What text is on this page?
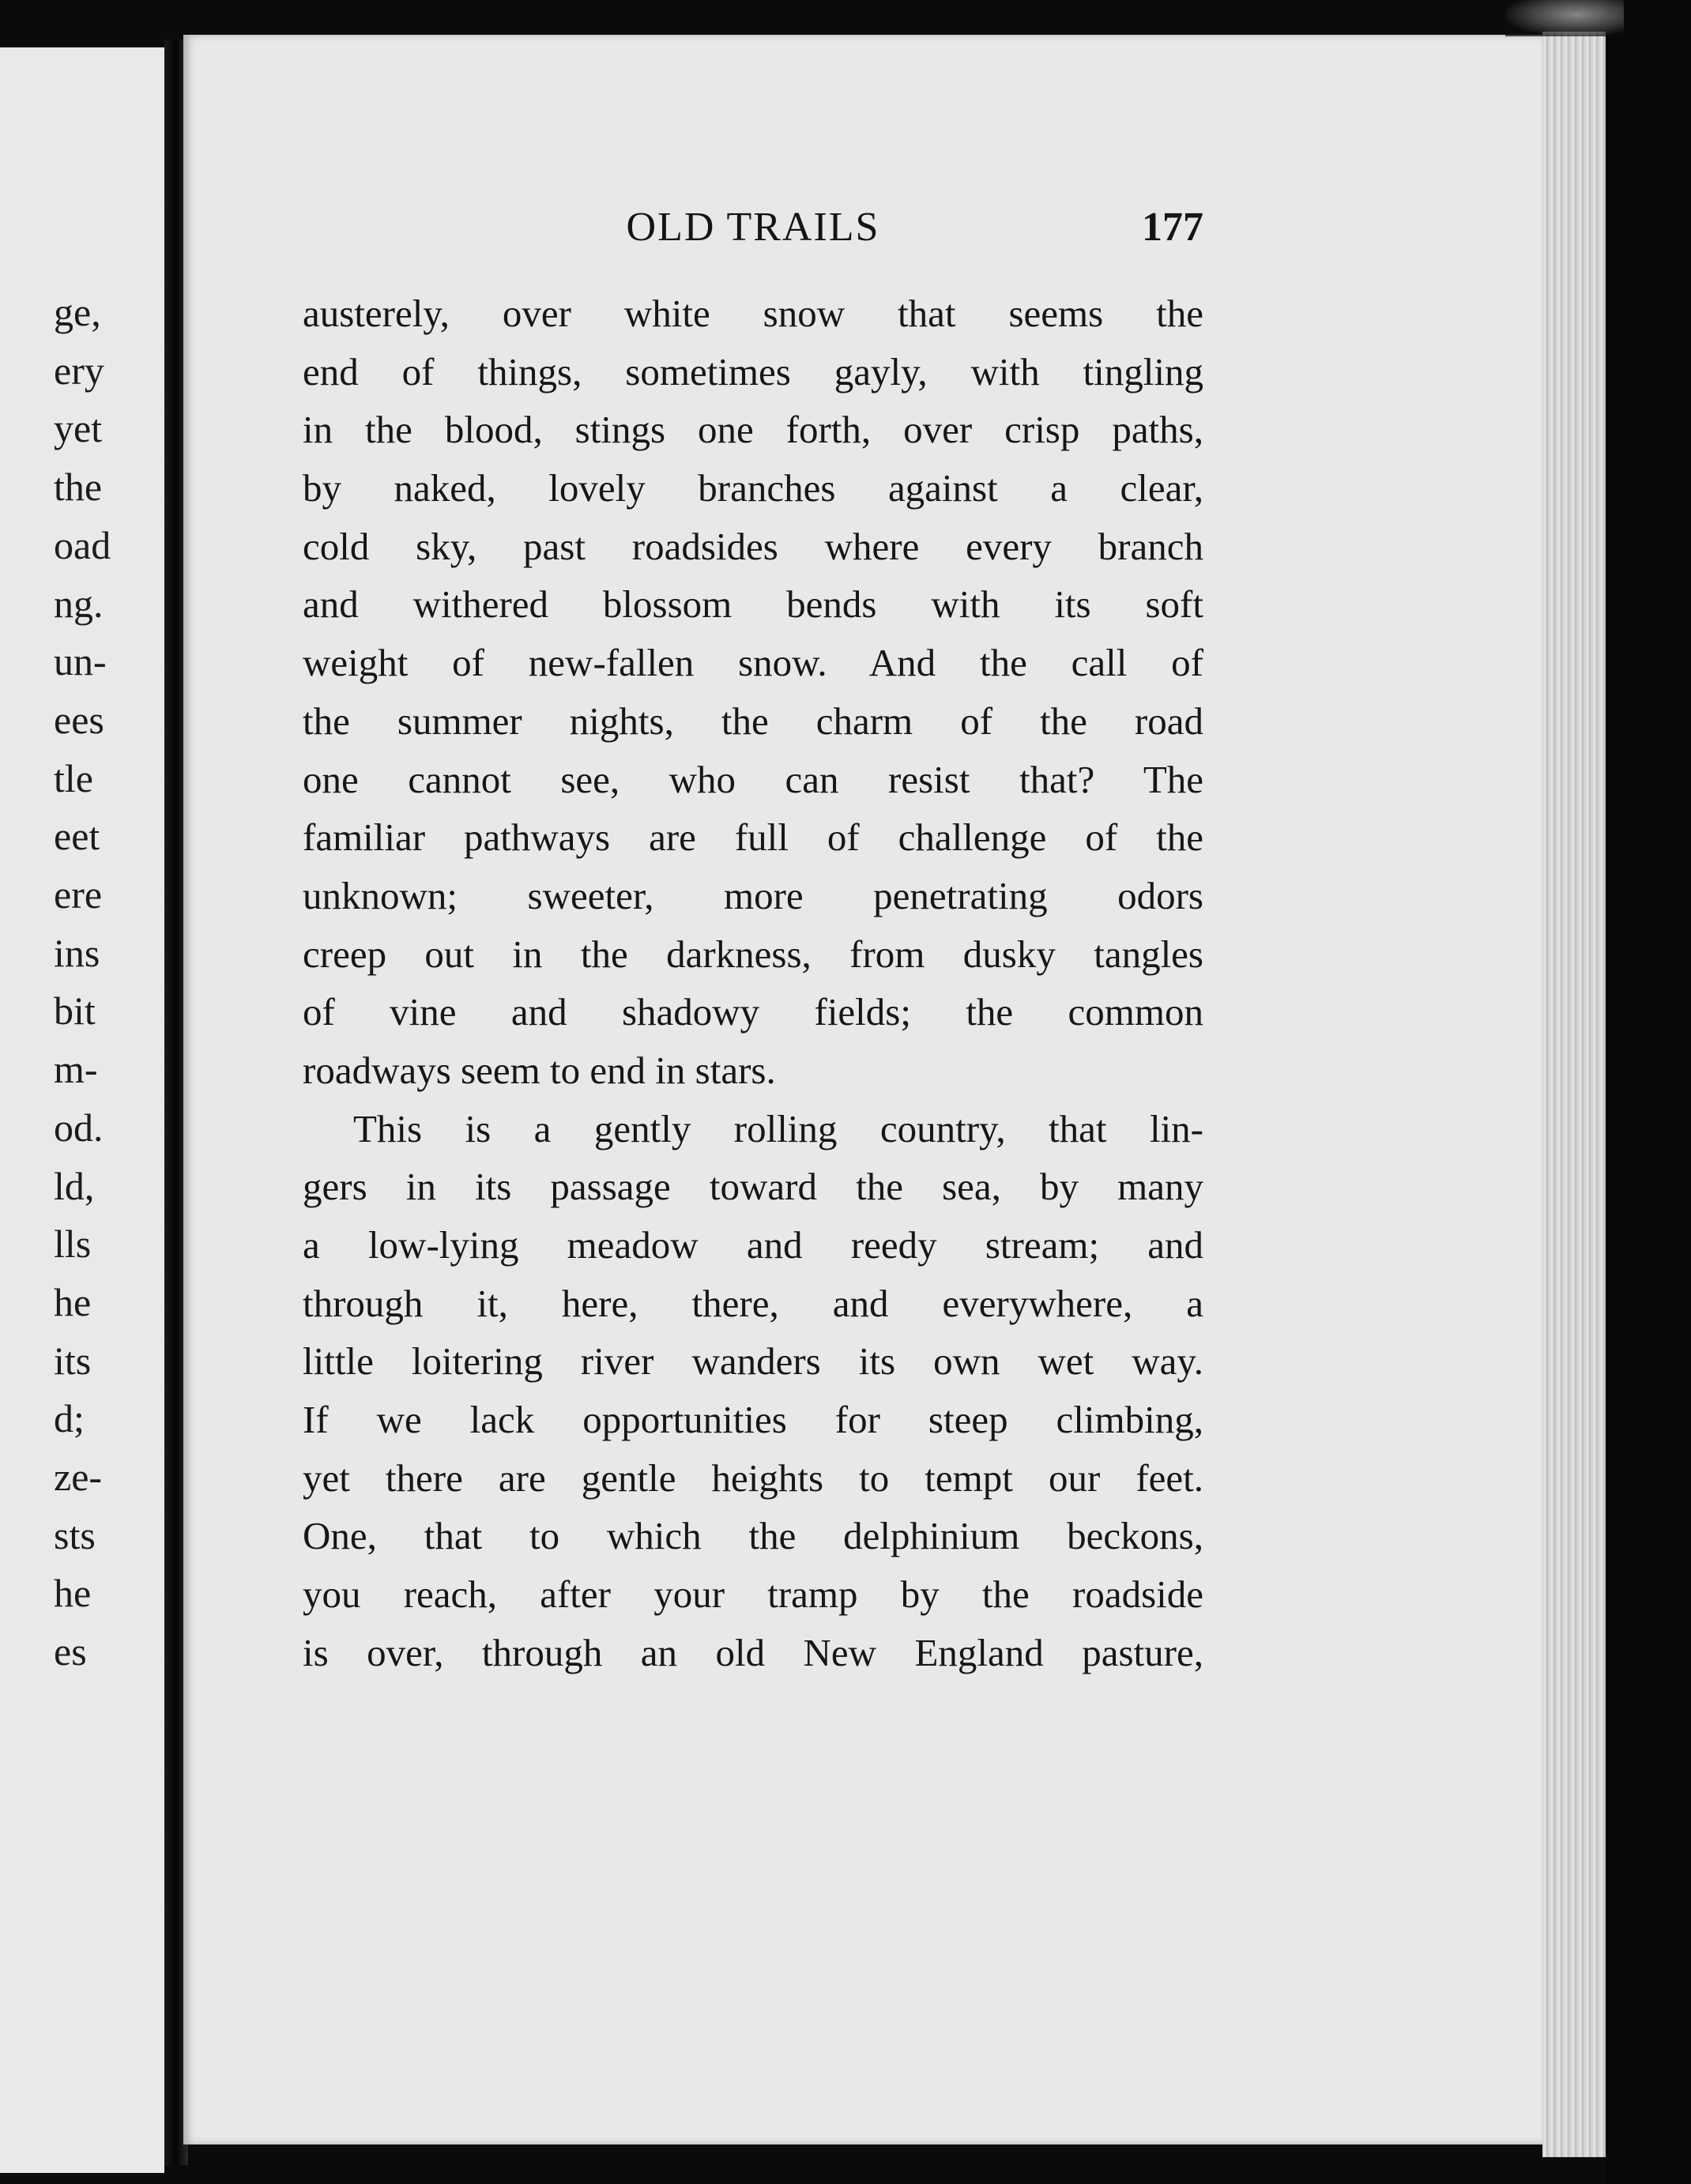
ge,
ery
yet
the
oad
ng.
un-
ees
tle
eet
ere
ins
bit
m-
od.
ld,
lls
he
its
d;
ze-
sts
he
es
OLD TRAILS	177
austerely, over white snow that seems the
end of things, sometimes gayly, with tingling
in the blood, stings one forth, over crisp paths,
by naked, lovely branches against a clear,
cold sky, past roadsides where every branch
and withered blossom bends with its soft
weight of new-fallen snow. And the call of
the summer nights, the charm of the road
one cannot see, who can resist that? The
familiar pathways are full of challenge of the
unknown; sweeter, more penetrating odors
creep out in the darkness, from dusky tangles
of vine and shadowy fields; the common
roadways seem to end in stars.
This is a gently rolling country, that lin-
gers in its passage toward the sea, by many
a low-lying meadow and reedy stream; and
through it, here, there, and everywhere, a
little loitering river wanders its own wet way.
If we lack opportunities for steep climbing,
yet there are gentle heights to tempt our feet.
One, that to which the delphinium beckons,
you reach, after your tramp by the roadside
is over, through an old New England pasture,
